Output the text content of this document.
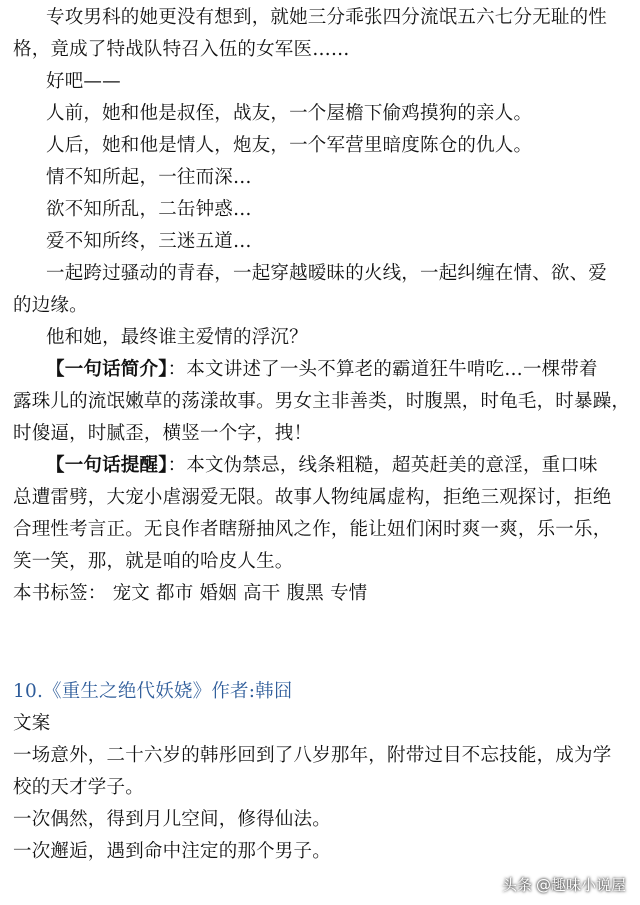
专攻男科的她更没有想到，就她三分乖张四分流氓五六七分无耻的性

格，竟成了特战队特召入伍的女军医……

好吧——

人前，她和他是叔侄，战友，一个屋檐下偷鸡摸狗的亲人。

人后，她和他是情人，炮友，一个军营里暗度陈仓的仇人。

情不知所起，一往而深…

欲不知所乱，二缶钟惑…

爱不知所终，三迷五道…

一起跨过骚动的青春，一起穿越暧昧的火线，一起纠缠在情、欲、爱

的边缘。

他和她，最终谁主爱情的浮沉？

【一句话简介】：本文讲述了一头不算老的霸道狂牛啃吃…一棵带着

露珠儿的流氓嫩草的荡漾故事。男女主非善类，时腹黑，时龟毛，时暴躁，

时傻逼，时腻歪，横竖一个字，拽！

【一句话提醒】：本文伪禁忌，线条粗糙，超英赶美的意淫，重口味

总遭雷劈，大宠小虐溺爱无限。故事人物纯属虚构，拒绝三观探讨，拒绝

合理性考言正。无良作者瞎掰抽风之作，能让妞们闲时爽一爽，乐一乐，

笑一笑，那，就是咱的哈皮人生。

本书标签： 宠文 都市 婚姻 高干 腹黑 专情

10.《重生之绝代妖娆》作者:韩囧

文案

一场意外，二十六岁的韩彤回到了八岁那年，附带过目不忘技能，成为学

校的天才学子。

一次偶然，得到月儿空间，修得仙法。

一次邂逅，遇到命中注定的那个男子。

头条 @趣味小说屋
